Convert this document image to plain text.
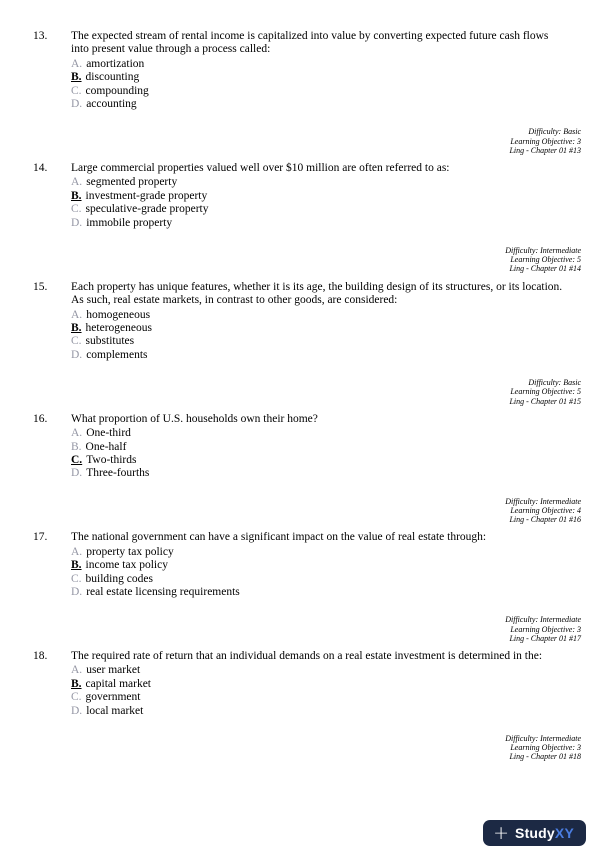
13.	The expected stream of rental income is capitalized into value by converting expected future cash flows into present value through a process called:
A. amortization
B. discounting
C. compounding
D. accounting
Difficulty: Basic
Learning Objective: 3
Ling - Chapter 01 #13
14.	Large commercial properties valued well over $10 million are often referred to as:
A. segmented property
B. investment-grade property
C. speculative-grade property
D. immobile property
Difficulty: Intermediate
Learning Objective: 5
Ling - Chapter 01 #14
15.	Each property has unique features, whether it is its age, the building design of its structures, or its location. As such, real estate markets, in contrast to other goods, are considered:
A. homogeneous
B. heterogeneous
C. substitutes
D. complements
Difficulty: Basic
Learning Objective: 5
Ling - Chapter 01 #15
16.	What proportion of U.S. households own their home?
A. One-third
B. One-half
C. Two-thirds
D. Three-fourths
Difficulty: Intermediate
Learning Objective: 4
Ling - Chapter 01 #16
17.	The national government can have a significant impact on the value of real estate through:
A. property tax policy
B. income tax policy
C. building codes
D. real estate licensing requirements
Difficulty: Intermediate
Learning Objective: 3
Ling - Chapter 01 #17
18.	The required rate of return that an individual demands on a real estate investment is determined in the:
A. user market
B. capital market
C. government
D. local market
Difficulty: Intermediate
Learning Objective: 3
Ling - Chapter 01 #18
+ Study XY
